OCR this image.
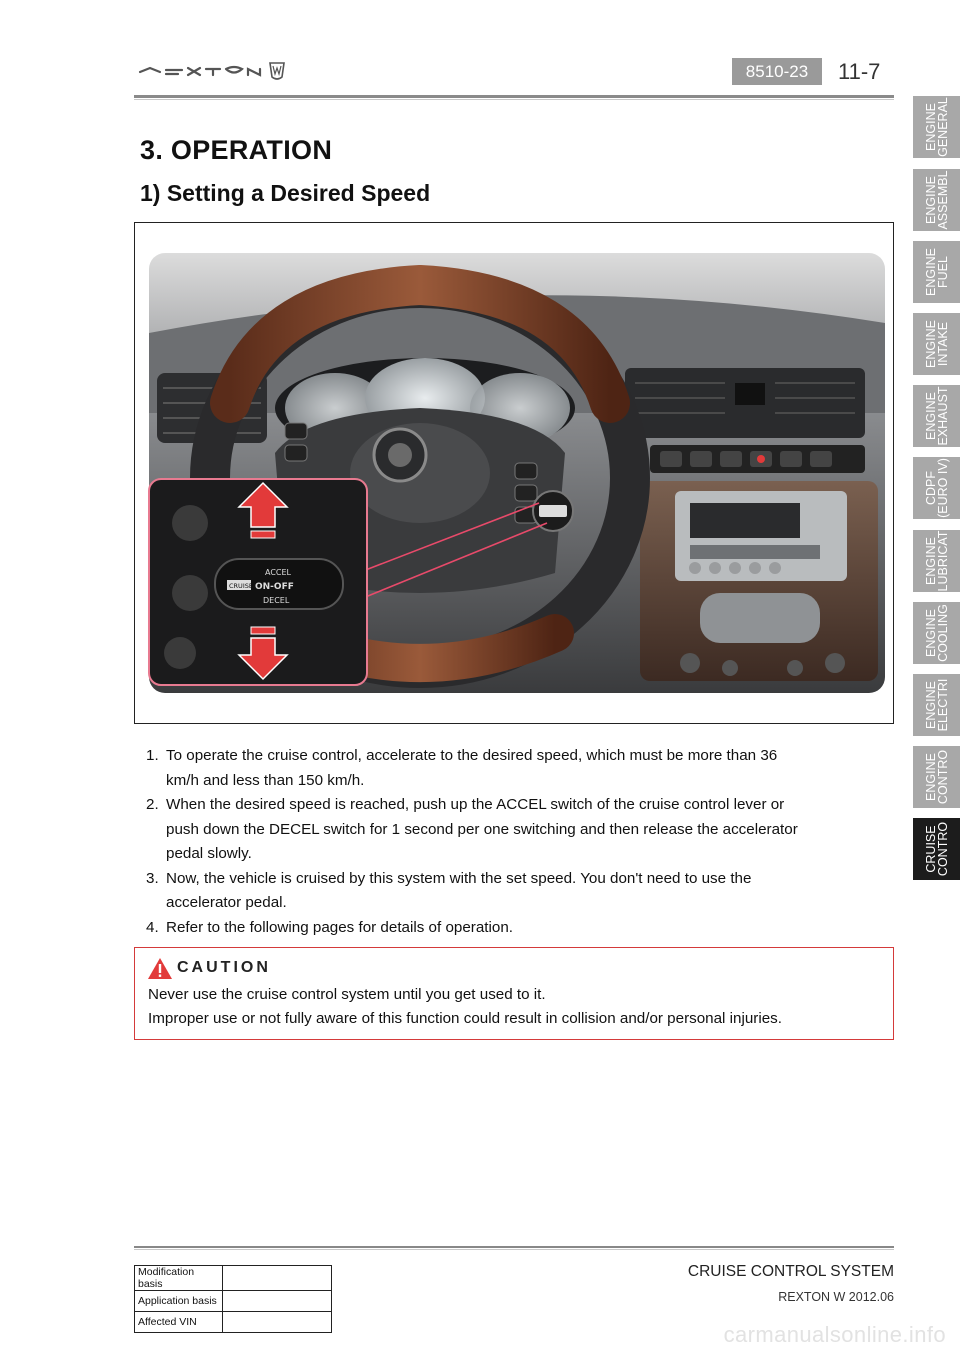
8510-23	11-7
3. OPERATION
1) Setting a Desired Speed
CRUISE
ACCEL
ON-OFF
DECEL
1. To operate the cruise control, accelerate to the desired speed, which must be more than 36
km/h and less than 150 km/h.
2. When the desired speed is reached, push up the ACCEL switch of the cruise control lever or
push down the DECEL switch for 1 second per one switching and then release the accelerator
pedal slowly.
3. Now, the vehicle is cruised by this system with the set speed. You don't need to use the
accelerator pedal.
4. Refer to the following pages for details of operation.
CAUTION
Never use the cruise control system until you get used to it.
Improper use or not fully aware of this function could result in collision and/or personal injuries.
ENGINE
GENERAL
ENGINE
ASSEMBL
ENGINE
FUEL
ENGINE
INTAKE
ENGINE
EXHAUST
CDPF
(EURO IV)
ENGINE
LUBRICAT
ENGINE
COOLING
ENGINE
ELECTRI
ENGINE
CONTRO
CRUISE
CONTRO
Modification basis	
Application basis	
Affected VIN	
CRUISE CONTROL SYSTEM
REXTON W 2012.06
carmanualsonline.info
